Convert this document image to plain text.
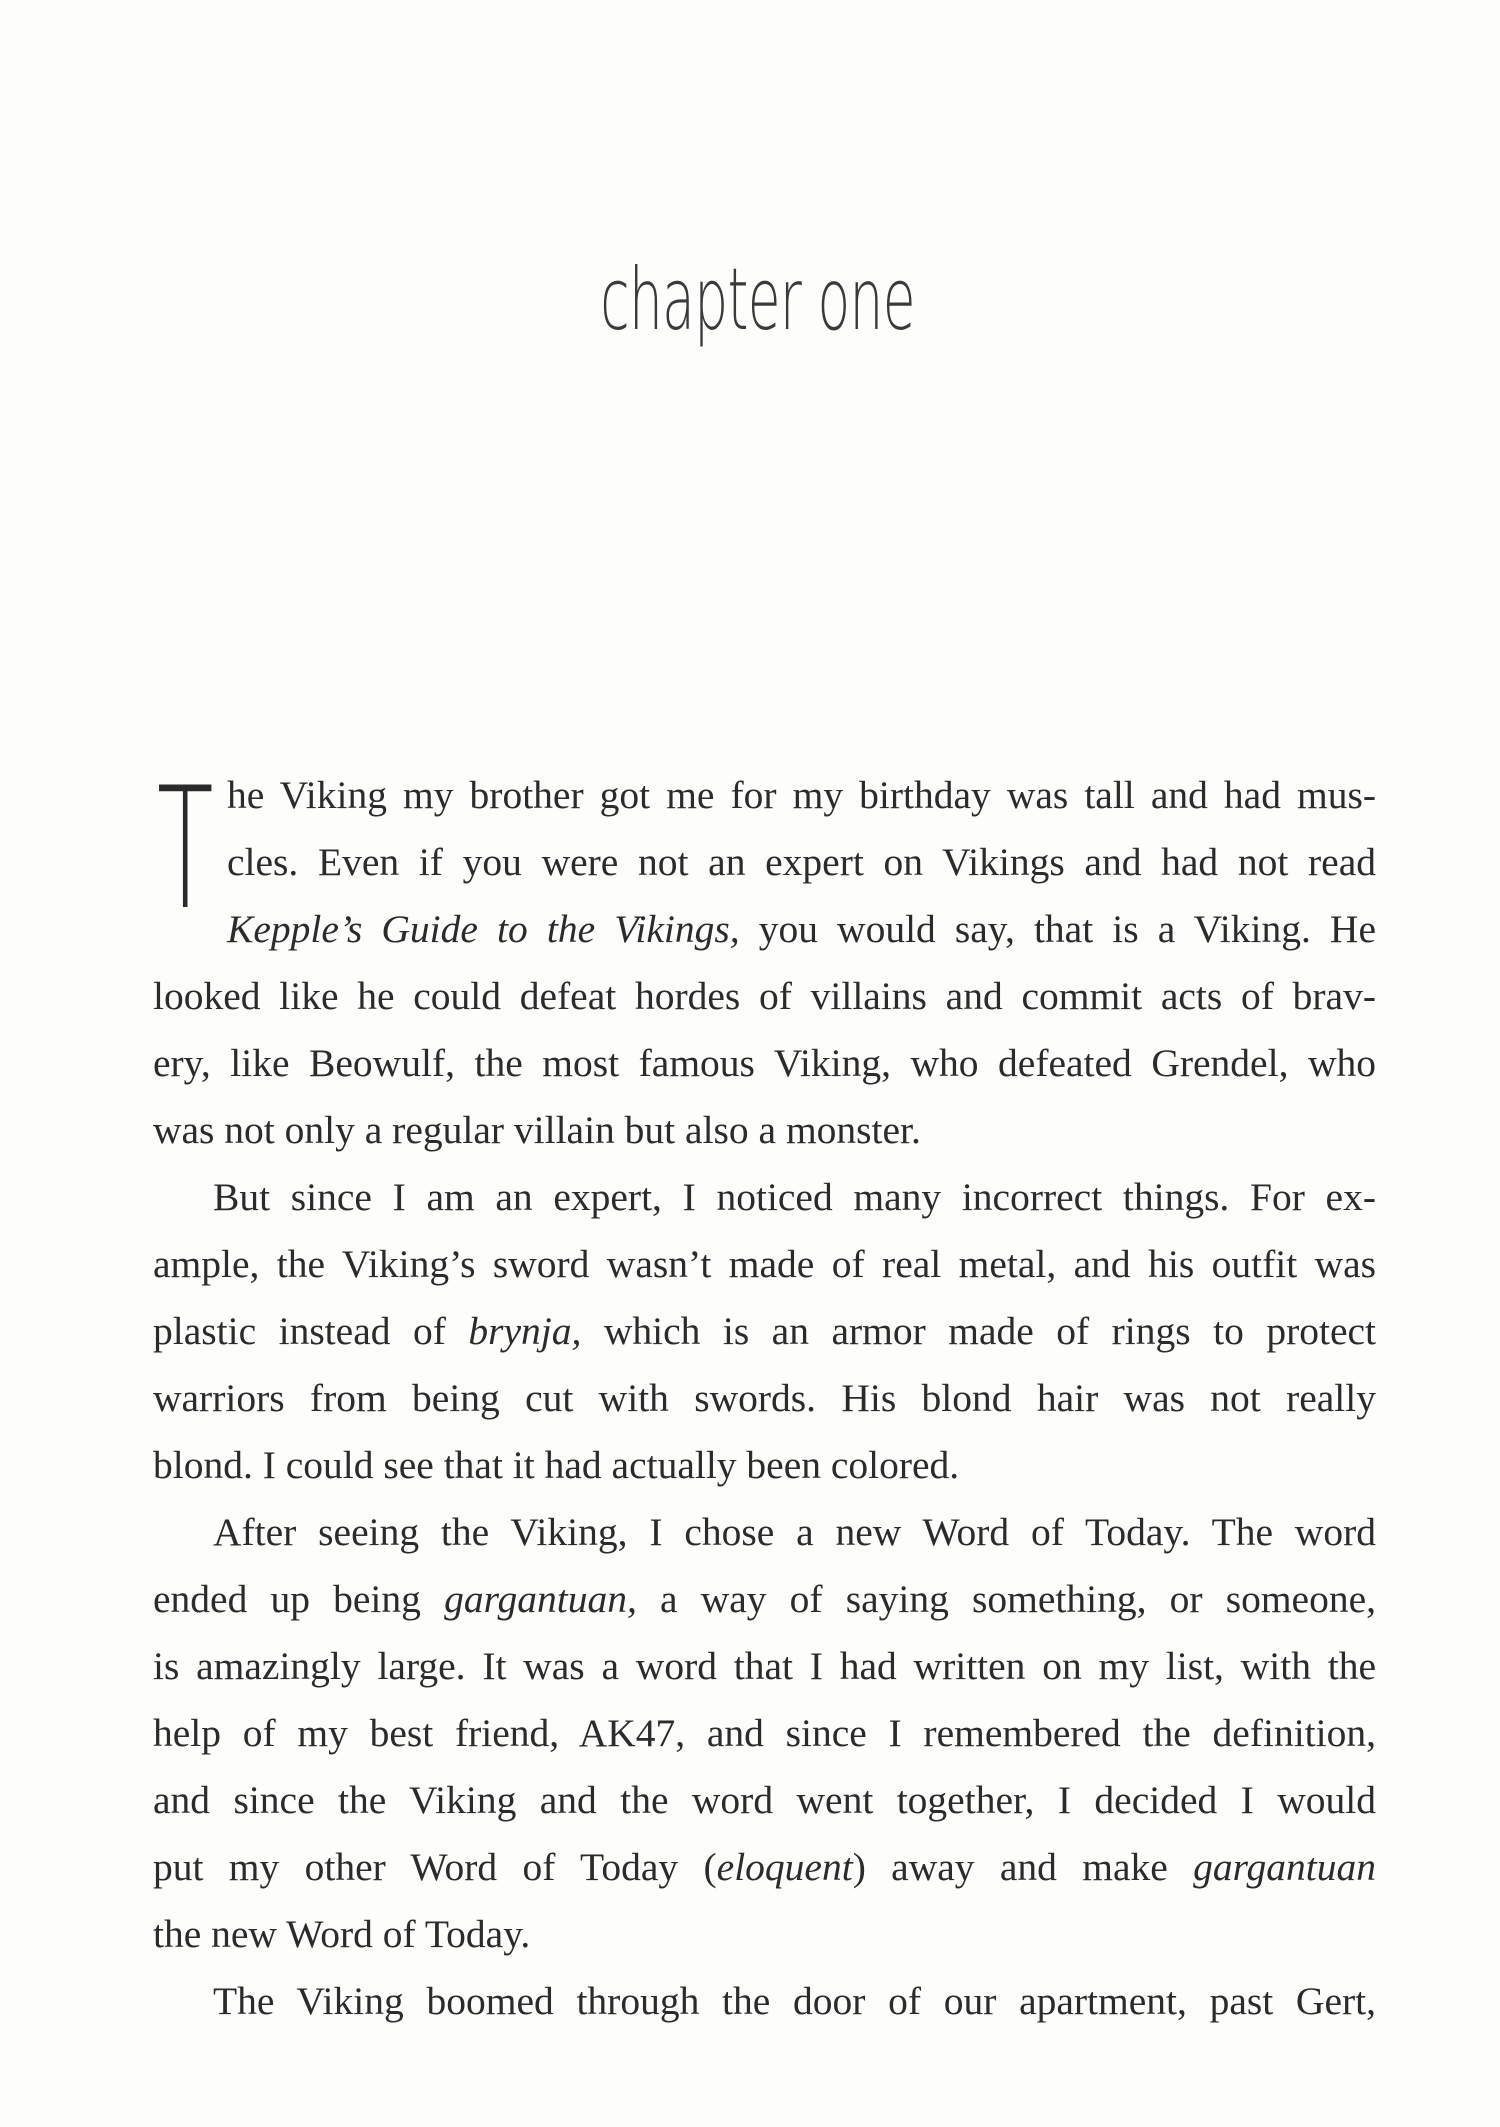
chapter one

T he Viking my brother got me for my birthday was tall and had mus-
cles. Even if you were not an expert on Vikings and had not read
Kepple’s Guide to the Vikings, you would say, that is a Viking. He
looked like he could defeat hordes of villains and commit acts of brav-
ery, like Beowulf, the most famous Viking, who defeated Grendel, who
was not only a regular villain but also a monster.

But since I am an expert, I noticed many incorrect things. For ex-
ample, the Viking’s sword wasn’t made of real metal, and his outfit was
plastic instead of brynja, which is an armor made of rings to protect
warriors from being cut with swords. His blond hair was not really
blond. I could see that it had actually been colored.

After seeing the Viking, I chose a new Word of Today. The word
ended up being gargantuan, a way of saying something, or someone,
is amazingly large. It was a word that I had written on my list, with the
help of my best friend, AK47, and since I remembered the definition,
and since the Viking and the word went together, I decided I would
put my other Word of Today (eloquent) away and make gargantuan
the new Word of Today.

The Viking boomed through the door of our apartment, past Gert,
